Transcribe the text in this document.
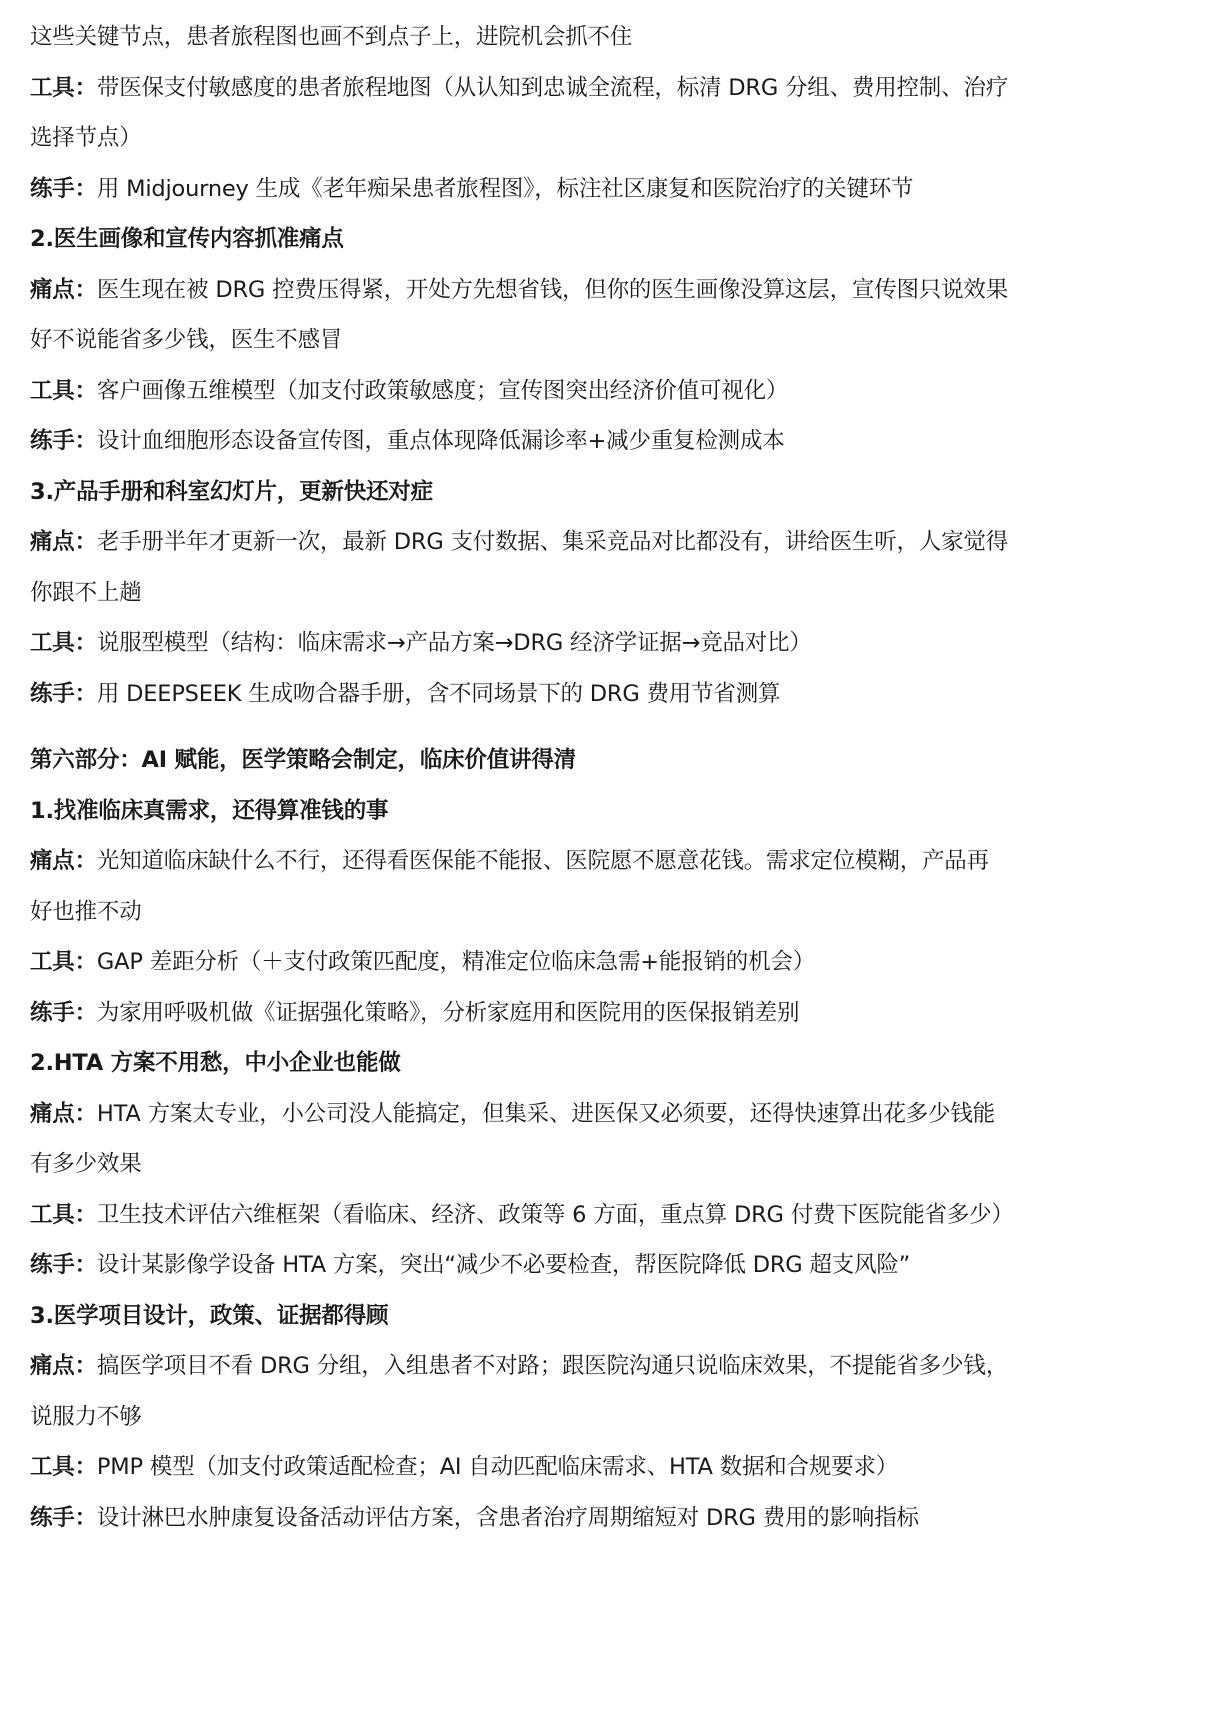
这些关键节点，患者旅程图也画不到点子上，进院机会抓不住
工具：带医保支付敏感度的患者旅程地图（从认知到忠诚全流程，标清 DRG 分组、费用控制、治疗
选择节点）
练手：用 Midjourney 生成《老年痴呆患者旅程图》，标注社区康复和医院治疗的关键环节
2.医生画像和宣传内容抓准痛点
痛点：医生现在被 DRG 控费压得紧，开处方先想省钱，但你的医生画像没算这层，宣传图只说效果
好不说能省多少钱，医生不感冒
工具：客户画像五维模型（加支付政策敏感度；宣传图突出经济价值可视化）
练手：设计血细胞形态设备宣传图，重点体现降低漏诊率+减少重复检测成本
3.产品手册和科室幻灯片，更新快还对症
痛点：老手册半年才更新一次，最新 DRG 支付数据、集采竞品对比都没有，讲给医生听，人家觉得
你跟不上趟
工具：说服型模型（结构：临床需求→产品方案→DRG 经济学证据→竞品对比）
练手：用 DEEPSEEK 生成吻合器手册，含不同场景下的 DRG 费用节省测算
第六部分：AI 赋能，医学策略会制定，临床价值讲得清
1.找准临床真需求，还得算准钱的事
痛点：光知道临床缺什么不行，还得看医保能不能报、医院愿不愿意花钱。需求定位模糊，产品再
好也推不动
工具：GAP 差距分析（＋支付政策匹配度，精准定位临床急需+能报销的机会）
练手：为家用呼吸机做《证据强化策略》，分析家庭用和医院用的医保报销差别
2.HTA 方案不用愁，中小企业也能做
痛点：HTA 方案太专业，小公司没人能搞定，但集采、进医保又必须要，还得快速算出花多少钱能
有多少效果
工具：卫生技术评估六维框架（看临床、经济、政策等 6 方面，重点算 DRG 付费下医院能省多少）
练手：设计某影像学设备 HTA 方案，突出“减少不必要检查，帮医院降低 DRG 超支风险”
3.医学项目设计，政策、证据都得顾
痛点：搞医学项目不看 DRG 分组，入组患者不对路；跟医院沟通只说临床效果，不提能省多少钱，
说服力不够
工具：PMP 模型（加支付政策适配检查；AI 自动匹配临床需求、HTA 数据和合规要求）
练手：设计淋巴水肿康复设备活动评估方案，含患者治疗周期缩短对 DRG 费用的影响指标
